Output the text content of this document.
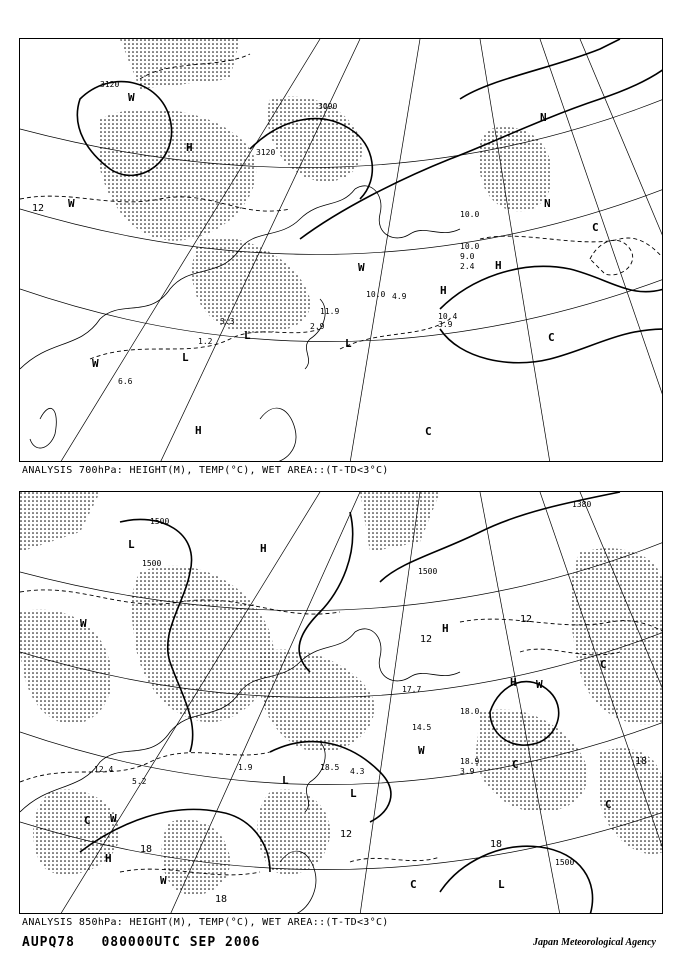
3120
3120
3090
12
H
H
H
H
W
W
W
W
L
L
L
C
C
C
N
N
10.0
10.0
9.0
3.9
10.4
11.9
3.3
2.9
4.9
10.0
2.4
1.2
6.6
ANALYSIS 700hPa: HEIGHT(M), TEMP(°C), WET AREA::(T-TD<3°C)
1500
1500
1500
1380
1500
12
12
12
18
18
18
18
H
H
H
H
W
W
W
W
W
L
L
L
L
C
C
C
C
C
18.9
3.9
18.0
18.5 4.3
1.9
12.4
5.2
17.7
14.5
ANALYSIS 850hPa: HEIGHT(M), TEMP(°C), WET AREA::(T-TD<3°C)
AUPQ78   080000UTC SEP 2006	Japan Meteorological Agency
